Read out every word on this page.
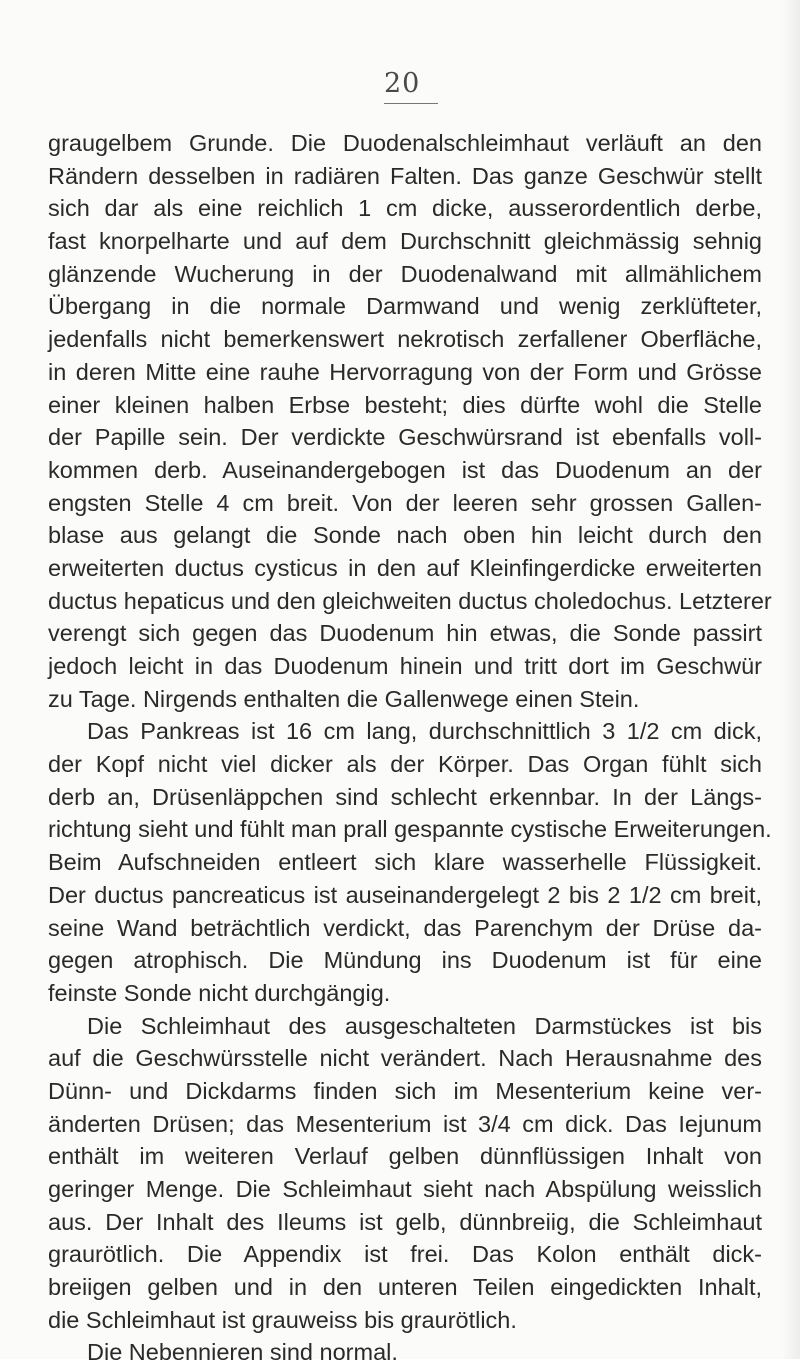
20
graugelbem Grunde. Die Duodenalschleimhaut verläuft an den
Rändern desselben in radiären Falten. Das ganze Geschwür stellt
sich dar als eine reichlich 1 cm dicke, ausserordentlich derbe,
fast knorpelharte und auf dem Durchschnitt gleichmässig sehnig
glänzende Wucherung in der Duodenalwand mit allmählichem
Übergang in die normale Darmwand und wenig zerklüfteter,
jedenfalls nicht bemerkenswert nekrotisch zerfallener Oberfläche,
in deren Mitte eine rauhe Hervorragung von der Form und Grösse
einer kleinen halben Erbse besteht; dies dürfte wohl die Stelle
der Papille sein. Der verdickte Geschwürsrand ist ebenfalls voll-
kommen derb. Auseinandergebogen ist das Duodenum an der
engsten Stelle 4 cm breit. Von der leeren sehr grossen Gallen-
blase aus gelangt die Sonde nach oben hin leicht durch den
erweiterten ductus cysticus in den auf Kleinfingerdicke erweiterten
ductus hepaticus und den gleichweiten ductus choledochus. Letzterer
verengt sich gegen das Duodenum hin etwas, die Sonde passirt
jedoch leicht in das Duodenum hinein und tritt dort im Geschwür
zu Tage. Nirgends enthalten die Gallenwege einen Stein.
Das Pankreas ist 16 cm lang, durchschnittlich 3 1/2 cm dick,
der Kopf nicht viel dicker als der Körper. Das Organ fühlt sich
derb an, Drüsenläppchen sind schlecht erkennbar. In der Längs-
richtung sieht und fühlt man prall gespannte cystische Erweiterungen.
Beim Aufschneiden entleert sich klare wasserhelle Flüssigkeit.
Der ductus pancreaticus ist auseinandergelegt 2 bis 2 1/2 cm breit,
seine Wand beträchtlich verdickt, das Parenchym der Drüse da-
gegen atrophisch. Die Mündung ins Duodenum ist für eine
feinste Sonde nicht durchgängig.
Die Schleimhaut des ausgeschalteten Darmstückes ist bis
auf die Geschwürsstelle nicht verändert. Nach Herausnahme des
Dünn- und Dickdarms finden sich im Mesenterium keine ver-
änderten Drüsen; das Mesenterium ist 3/4 cm dick. Das Iejunum
enthält im weiteren Verlauf gelben dünnflüssigen Inhalt von
geringer Menge. Die Schleimhaut sieht nach Abspülung weisslich
aus. Der Inhalt des Ileums ist gelb, dünnbreiig, die Schleimhaut
graurötlich. Die Appendix ist frei. Das Kolon enthält dick-
breiigen gelben und in den unteren Teilen eingedickten Inhalt,
die Schleimhaut ist grauweiss bis graurötlich.
Die Nebennieren sind normal.
